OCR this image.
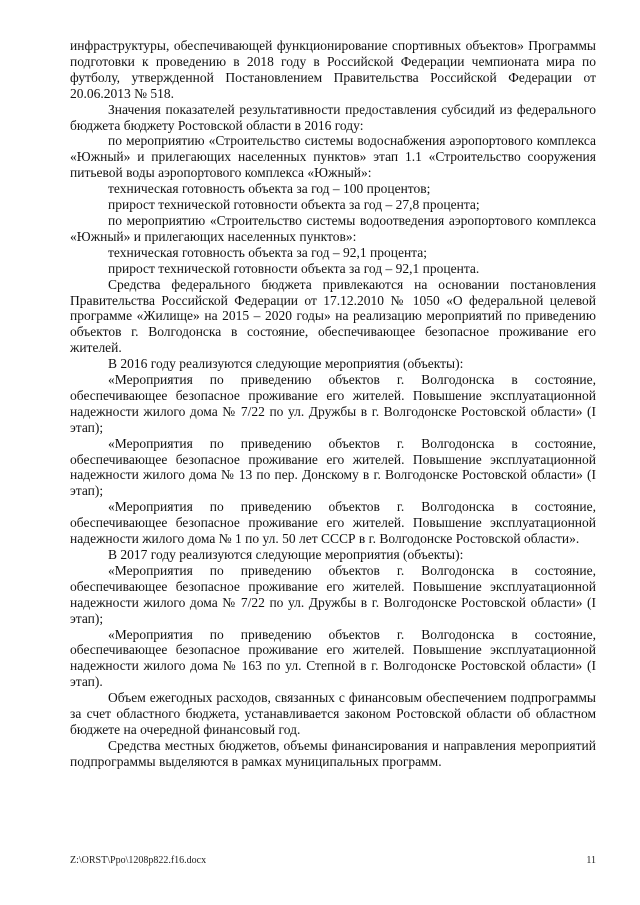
инфраструктуры, обеспечивающей функционирование спортивных объектов» Программы подготовки к проведению в 2018 году в Российской Федерации чемпионата мира по футболу, утвержденной Постановлением Правительства Российской Федерации от 20.06.2013 № 518.

Значения показателей результативности предоставления субсидий из федерального бюджета бюджету Ростовской области в 2016 году:

по мероприятию «Строительство системы водоснабжения аэропортового комплекса «Южный» и прилегающих населенных пунктов» этап 1.1 «Строительство сооружения питьевой воды аэропортового комплекса «Южный»:

техническая готовность объекта за год – 100 процентов;

прирост технической готовности объекта за год – 27,8 процента;

по мероприятию «Строительство системы водоотведения аэропортового комплекса «Южный» и прилегающих населенных пунктов»:

техническая готовность объекта за год – 92,1 процента;

прирост технической готовности объекта за год – 92,1 процента.

Средства федерального бюджета привлекаются на основании постановления Правительства Российской Федерации от 17.12.2010 № 1050 «О федеральной целевой программе «Жилище» на 2015 – 2020 годы» на реализацию мероприятий по приведению объектов г. Волгодонска в состояние, обеспечивающее безопасное проживание его жителей.

В 2016 году реализуются следующие мероприятия (объекты):

«Мероприятия по приведению объектов г. Волгодонска в состояние, обеспечивающее безопасное проживание его жителей. Повышение эксплуатационной надежности жилого дома № 7/22 по ул. Дружбы в г. Волгодонске Ростовской области» (I этап);

«Мероприятия по приведению объектов г. Волгодонска в состояние, обеспечивающее безопасное проживание его жителей. Повышение эксплуатационной надежности жилого дома № 13 по пер. Донскому в г. Волгодонске Ростовской области» (I этап);

«Мероприятия по приведению объектов г. Волгодонска в состояние, обеспечивающее безопасное проживание его жителей. Повышение эксплуатационной надежности жилого дома № 1 по ул. 50 лет СССР в г. Волгодонске Ростовской области».

В 2017 году реализуются следующие мероприятия (объекты):

«Мероприятия по приведению объектов г. Волгодонска в состояние, обеспечивающее безопасное проживание его жителей. Повышение эксплуатационной надежности жилого дома № 7/22 по ул. Дружбы в г. Волгодонске Ростовской области» (I этап);

«Мероприятия по приведению объектов г. Волгодонска в состояние, обеспечивающее безопасное проживание его жителей. Повышение эксплуатационной надежности жилого дома № 163 по ул. Степной в г. Волгодонске Ростовской области» (I этап).

Объем ежегодных расходов, связанных с финансовым обеспечением подпрограммы за счет областного бюджета, устанавливается законом Ростовской области об областном бюджете на очередной финансовый год.

Средства местных бюджетов, объемы финансирования и направления мероприятий подпрограммы выделяются в рамках муниципальных программ.

Z:\ORST\Ppo\1208p822.f16.docx	11
